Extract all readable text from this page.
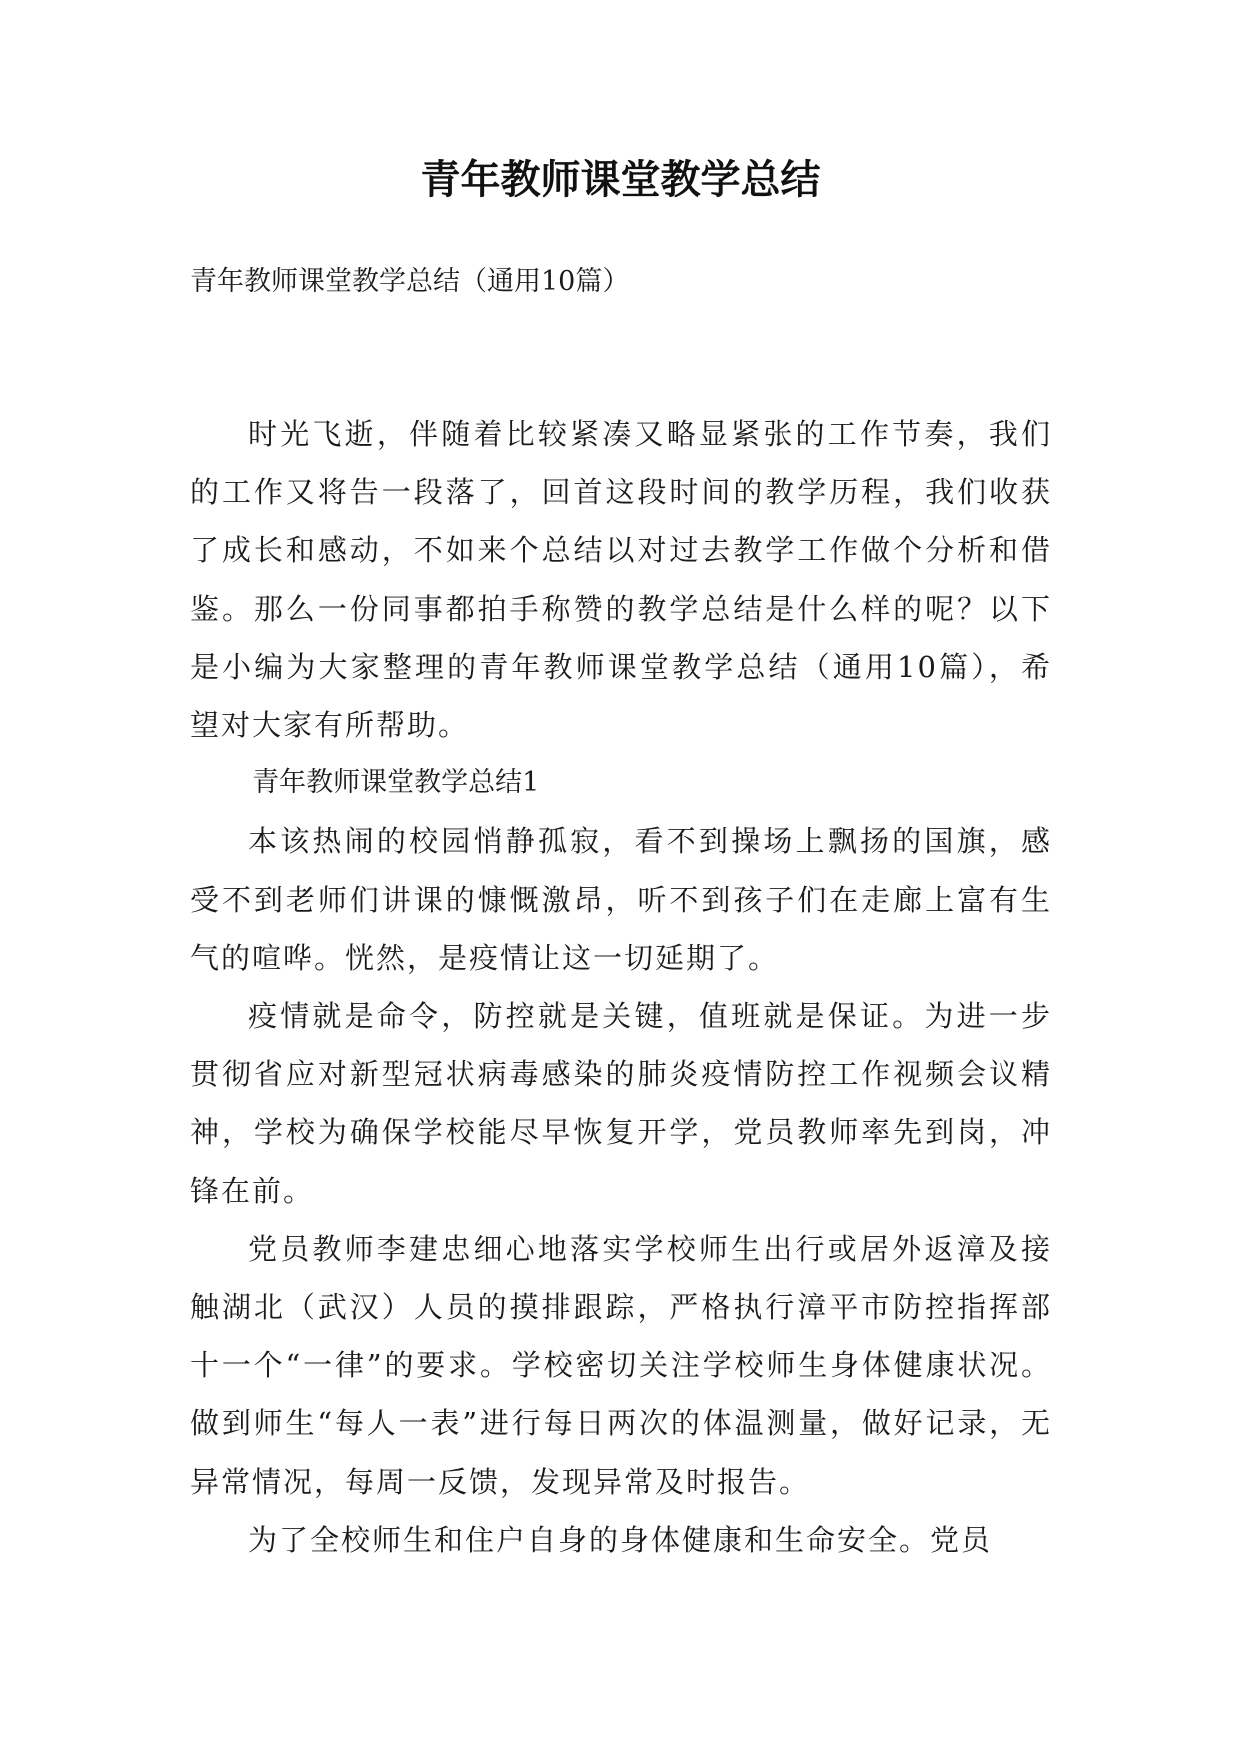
青年教师课堂教学总结

青年教师课堂教学总结（通用10篇）

时光飞逝，伴随着比较紧凑又略显紧张的工作节奏，我们的工作又将告一段落了，回首这段时间的教学历程，我们收获了成长和感动，不如来个总结以对过去教学工作做个分析和借鉴。那么一份同事都拍手称赞的教学总结是什么样的呢？以下是小编为大家整理的青年教师课堂教学总结（通用10篇），希望对大家有所帮助。

青年教师课堂教学总结1

本该热闹的校园悄静孤寂，看不到操场上飘扬的国旗，感受不到老师们讲课的慷慨激昂，听不到孩子们在走廊上富有生气的喧哗。恍然，是疫情让这一切延期了。

疫情就是命令，防控就是关键，值班就是保证。为进一步贯彻省应对新型冠状病毒感染的肺炎疫情防控工作视频会议精神，学校为确保学校能尽早恢复开学，党员教师率先到岗，冲锋在前。

党员教师李建忠细心地落实学校师生出行或居外返漳及接触湖北（武汉）人员的摸排跟踪，严格执行漳平市防控指挥部十一个“一律”的要求。学校密切关注学校师生身体健康状况。做到师生“每人一表”进行每日两次的体温测量，做好记录，无异常情况，每周一反馈，发现异常及时报告。

为了全校师生和住户自身的身体健康和生命安全。党员
